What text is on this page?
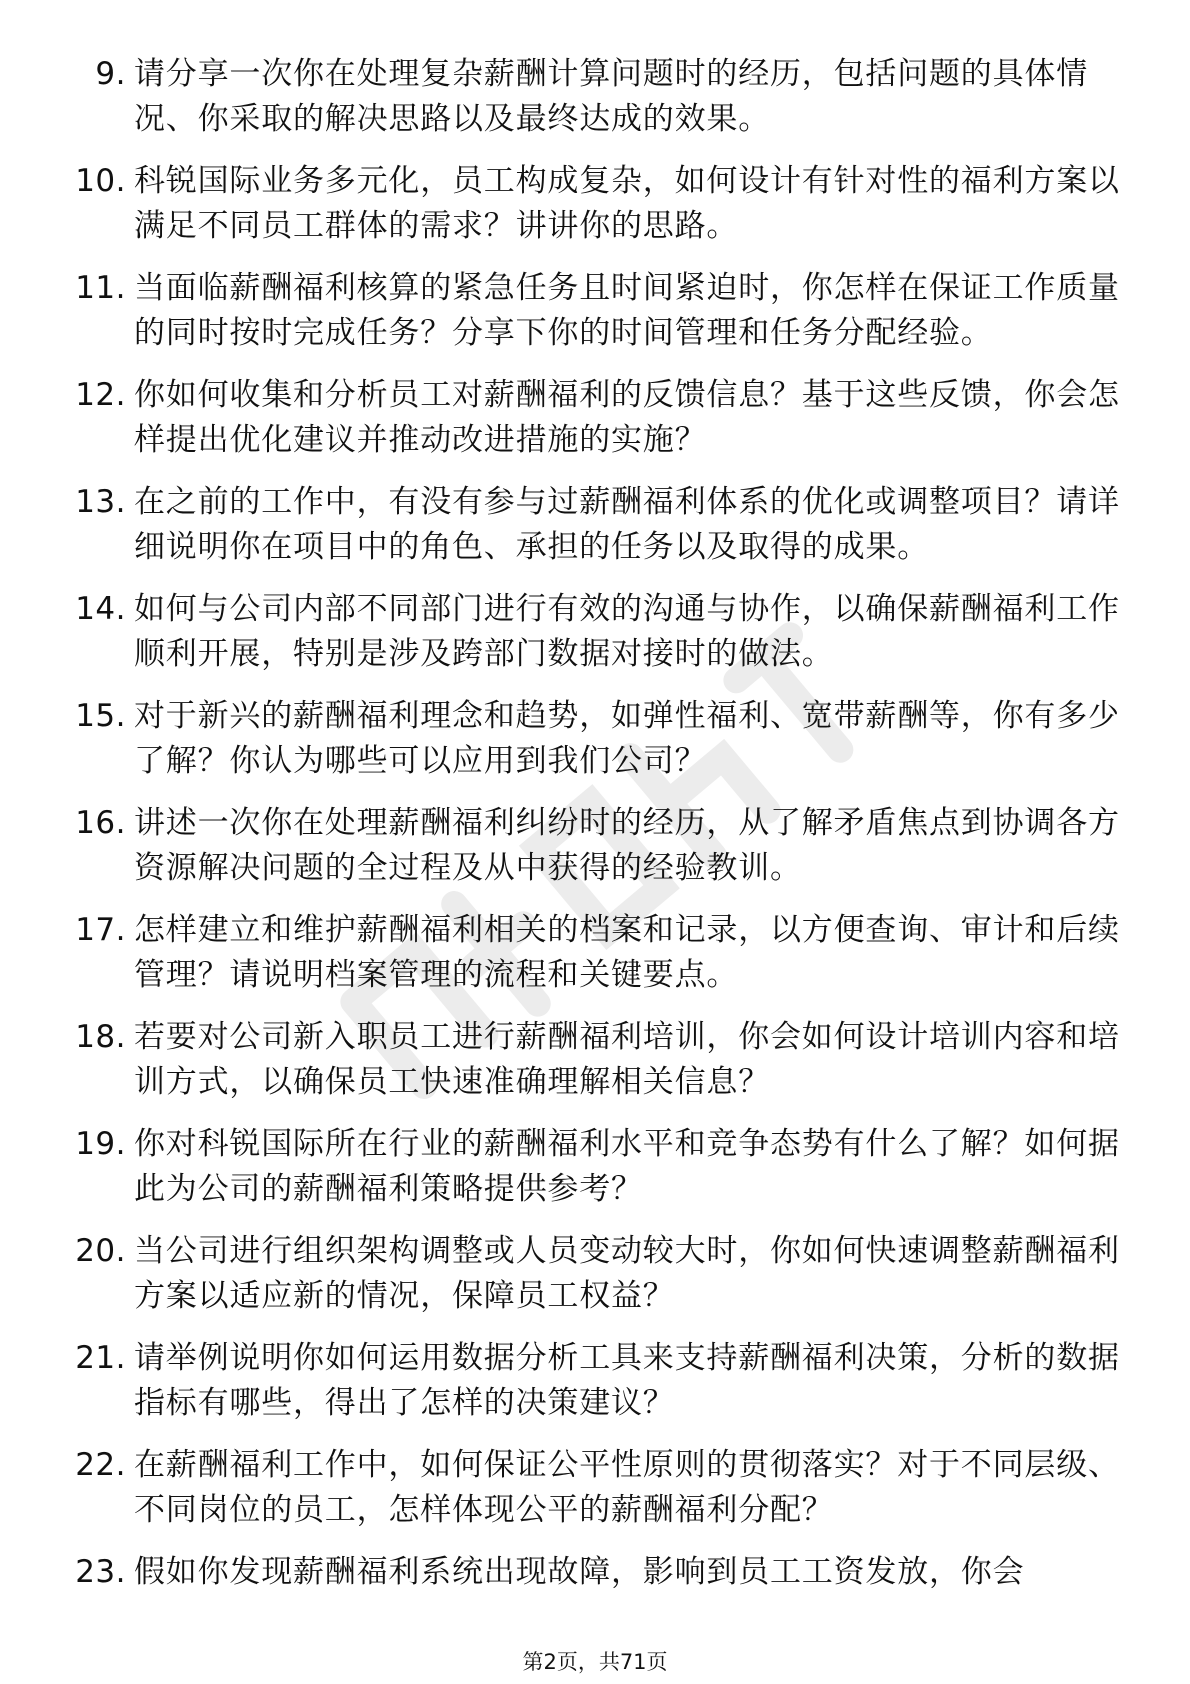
9. 请分享一次你在处理复杂薪酬计算问题时的经历，包括问题的具体情况、你采取的解决思路以及最终达成的效果。
10. 科锐国际业务多元化，员工构成复杂，如何设计有针对性的福利方案以满足不同员工群体的需求？讲讲你的思路。
11. 当面临薪酬福利核算的紧急任务且时间紧迫时，你怎样在保证工作质量的同时按时完成任务？分享下你的时间管理和任务分配经验。
12. 你如何收集和分析员工对薪酬福利的反馈信息？基于这些反馈，你会怎样提出优化建议并推动改进措施的实施？
13. 在之前的工作中，有没有参与过薪酬福利体系的优化或调整项目？请详细说明你在项目中的角色、承担的任务以及取得的成果。
14. 如何与公司内部不同部门进行有效的沟通与协作，以确保薪酬福利工作顺利开展，特别是涉及跨部门数据对接时的做法。
15. 对于新兴的薪酬福利理念和趋势，如弹性福利、宽带薪酬等，你有多少了解？你认为哪些可以应用到我们公司？
16. 讲述一次你在处理薪酬福利纠纷时的经历，从了解矛盾焦点到协调各方资源解决问题的全过程及从中获得的经验教训。
17. 怎样建立和维护薪酬福利相关的档案和记录，以方便查询、审计和后续管理？请说明档案管理的流程和关键要点。
18. 若要对公司新入职员工进行薪酬福利培训，你会如何设计培训内容和培训方式，以确保员工快速准确理解相关信息？
19. 你对科锐国际所在行业的薪酬福利水平和竞争态势有什么了解？如何据此为公司的薪酬福利策略提供参考？
20. 当公司进行组织架构调整或人员变动较大时，你如何快速调整薪酬福利方案以适应新的情况，保障员工权益？
21. 请举例说明你如何运用数据分析工具来支持薪酬福利决策，分析的数据指标有哪些，得出了怎样的决策建议？
22. 在薪酬福利工作中，如何保证公平性原则的贯彻落实？对于不同层级、不同岗位的员工，怎样体现公平的薪酬福利分配？
23. 假如你发现薪酬福利系统出现故障，影响到员工工资发放，你会
第2页，共71页
